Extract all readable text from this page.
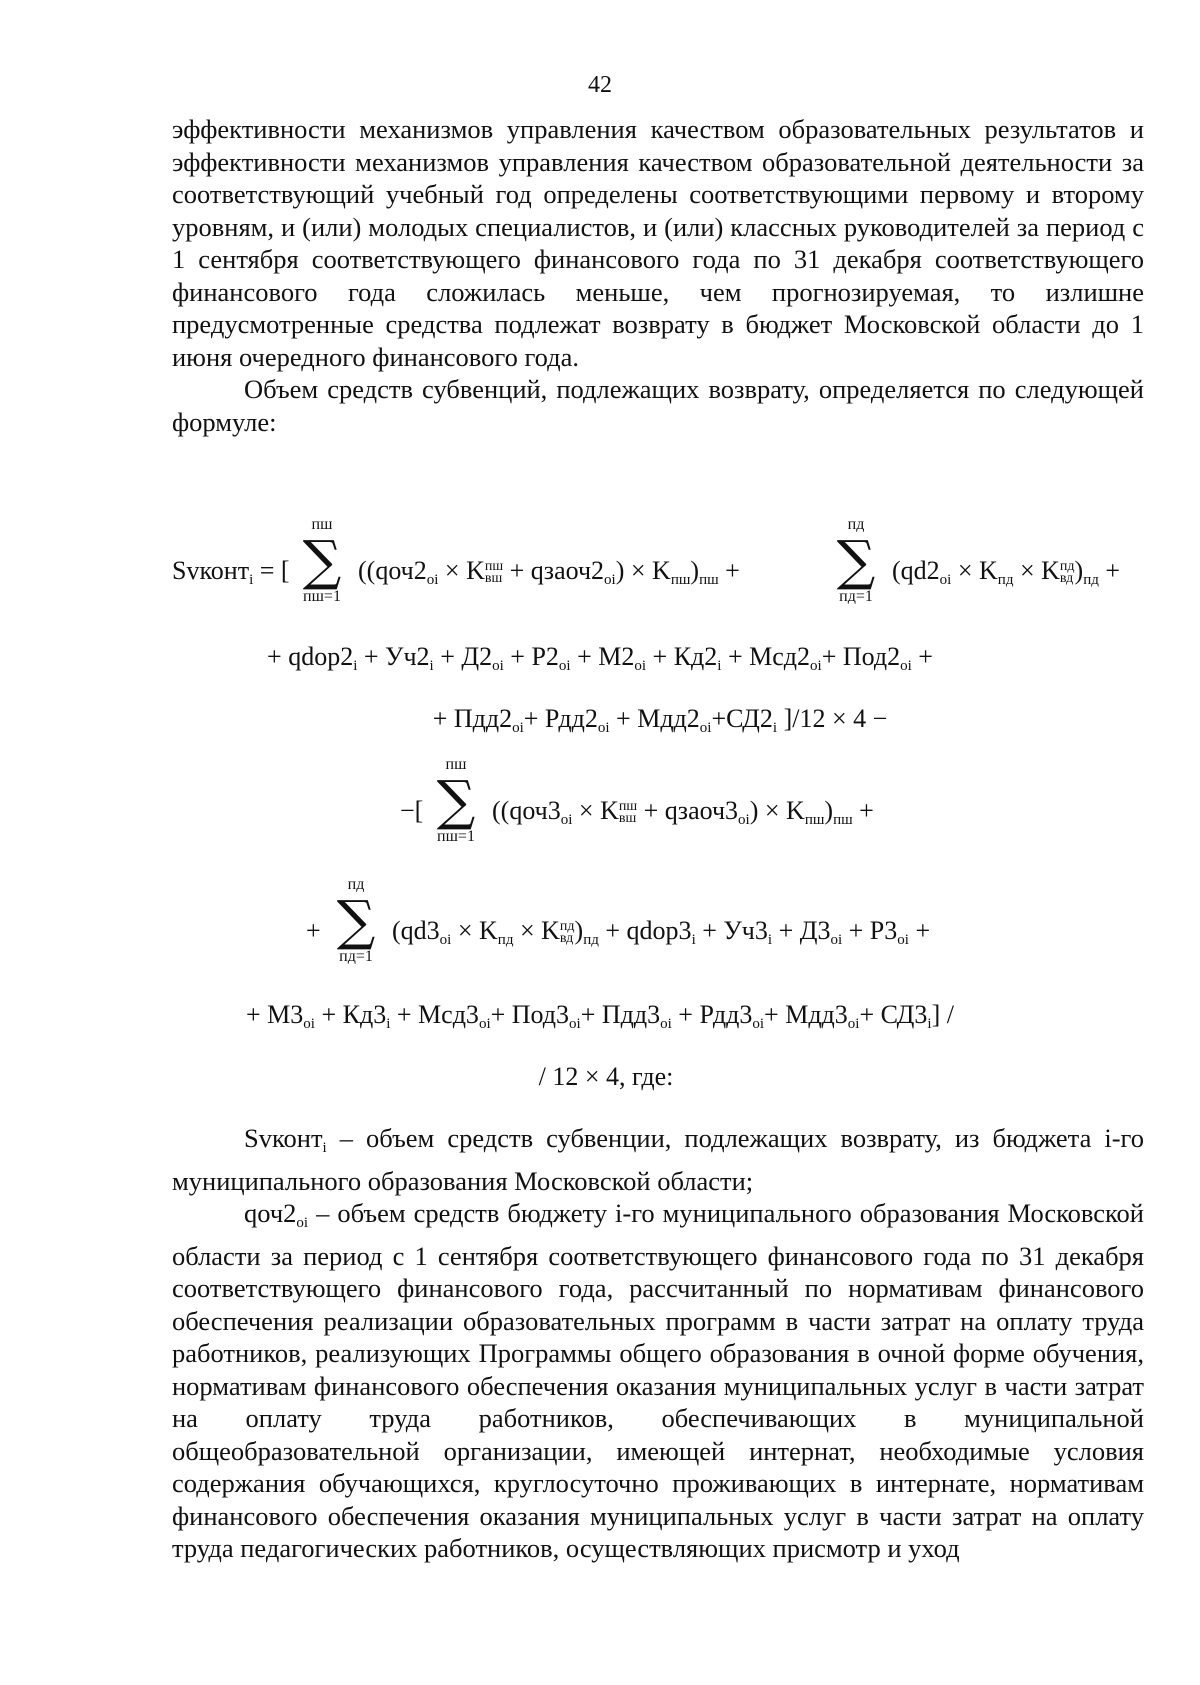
42

эффективности механизмов управления качеством образовательных результатов и эффективности механизмов управления качеством образовательной деятельности за соответствующий учебный год определены соответствующими первому и второму уровням, и (или) молодых специалистов, и (или) классных руководителей за период с 1 сентября соответствующего финансового года по 31 декабря соответствующего финансового года сложилась меньше, чем прогнозируемая, то излишне предусмотренные средства подлежат возврату в бюджет Московской области до 1 июня очередного финансового года.

Объем средств субвенций, подлежащих возврату, определяется по следующей формуле:

Svконт$_i$ = [
пш
∑
пш=1
(($qоч2_{oi} \times K$ пш
вш + $qзаоч2_{oi}) \times K_{пш})_{пш}$ +
пд
∑
пд=1
($qd2_{oi} \times K_{пд} \times K$ пд
вд )$_{пд}$ +
+ $qdop2_i + Уч2_i + Д2_{oi} + Р2_{oi} + М2_{oi} + Кд2_i + Мсд2_{oi}+ Под2_{oi}$ +
+ $Пдд2_{oi}+ Рдд2_{oi} + Мдд2_{oi}+СД2_i$ ]/12 × 4 −
−[
пш
∑
пш=1
(($qоч3_{oi} \times K$ пш
вш + $qзаоч3_{oi}) \times K_{пш})_{пш}$ +
+
пд
∑
пд=1
($qd3_{oi} \times K_{пд} \times K$ пд
вд )$_{пд}$ + $qdop3_i + Уч3_i + Д3_{oi} + Р3_{oi}$ +
+ $М3_{oi} + Кд3_i + Мсд3_{oi}+ Под3_{oi}+ Пдд3_{oi} + Рдд3_{oi}+ Мдд3_{oi}+ СД3_i$] /
/ 12 × 4, где:

Svконт$_i$ – объем средств субвенции, подлежащих возврату, из бюджета i-го муниципального образования Московской области;

$qоч2_{oi}$ – объем средств бюджету i-го муниципального образования Московской области за период с 1 сентября соответствующего финансового года по 31 декабря соответствующего финансового года, рассчитанный по нормативам финансового обеспечения реализации образовательных программ в части затрат на оплату труда работников, реализующих Программы общего образования в очной форме обучения, нормативам финансового обеспечения оказания муниципальных услуг в части затрат на оплату труда работников, обеспечивающих в муниципальной общеобразовательной организации, имеющей интернат, необходимые условия содержания обучающихся, круглосуточно проживающих в интернате, нормативам финансового обеспечения оказания муниципальных услуг в части затрат на оплату труда педагогических работников, осуществляющих присмотр и уход
